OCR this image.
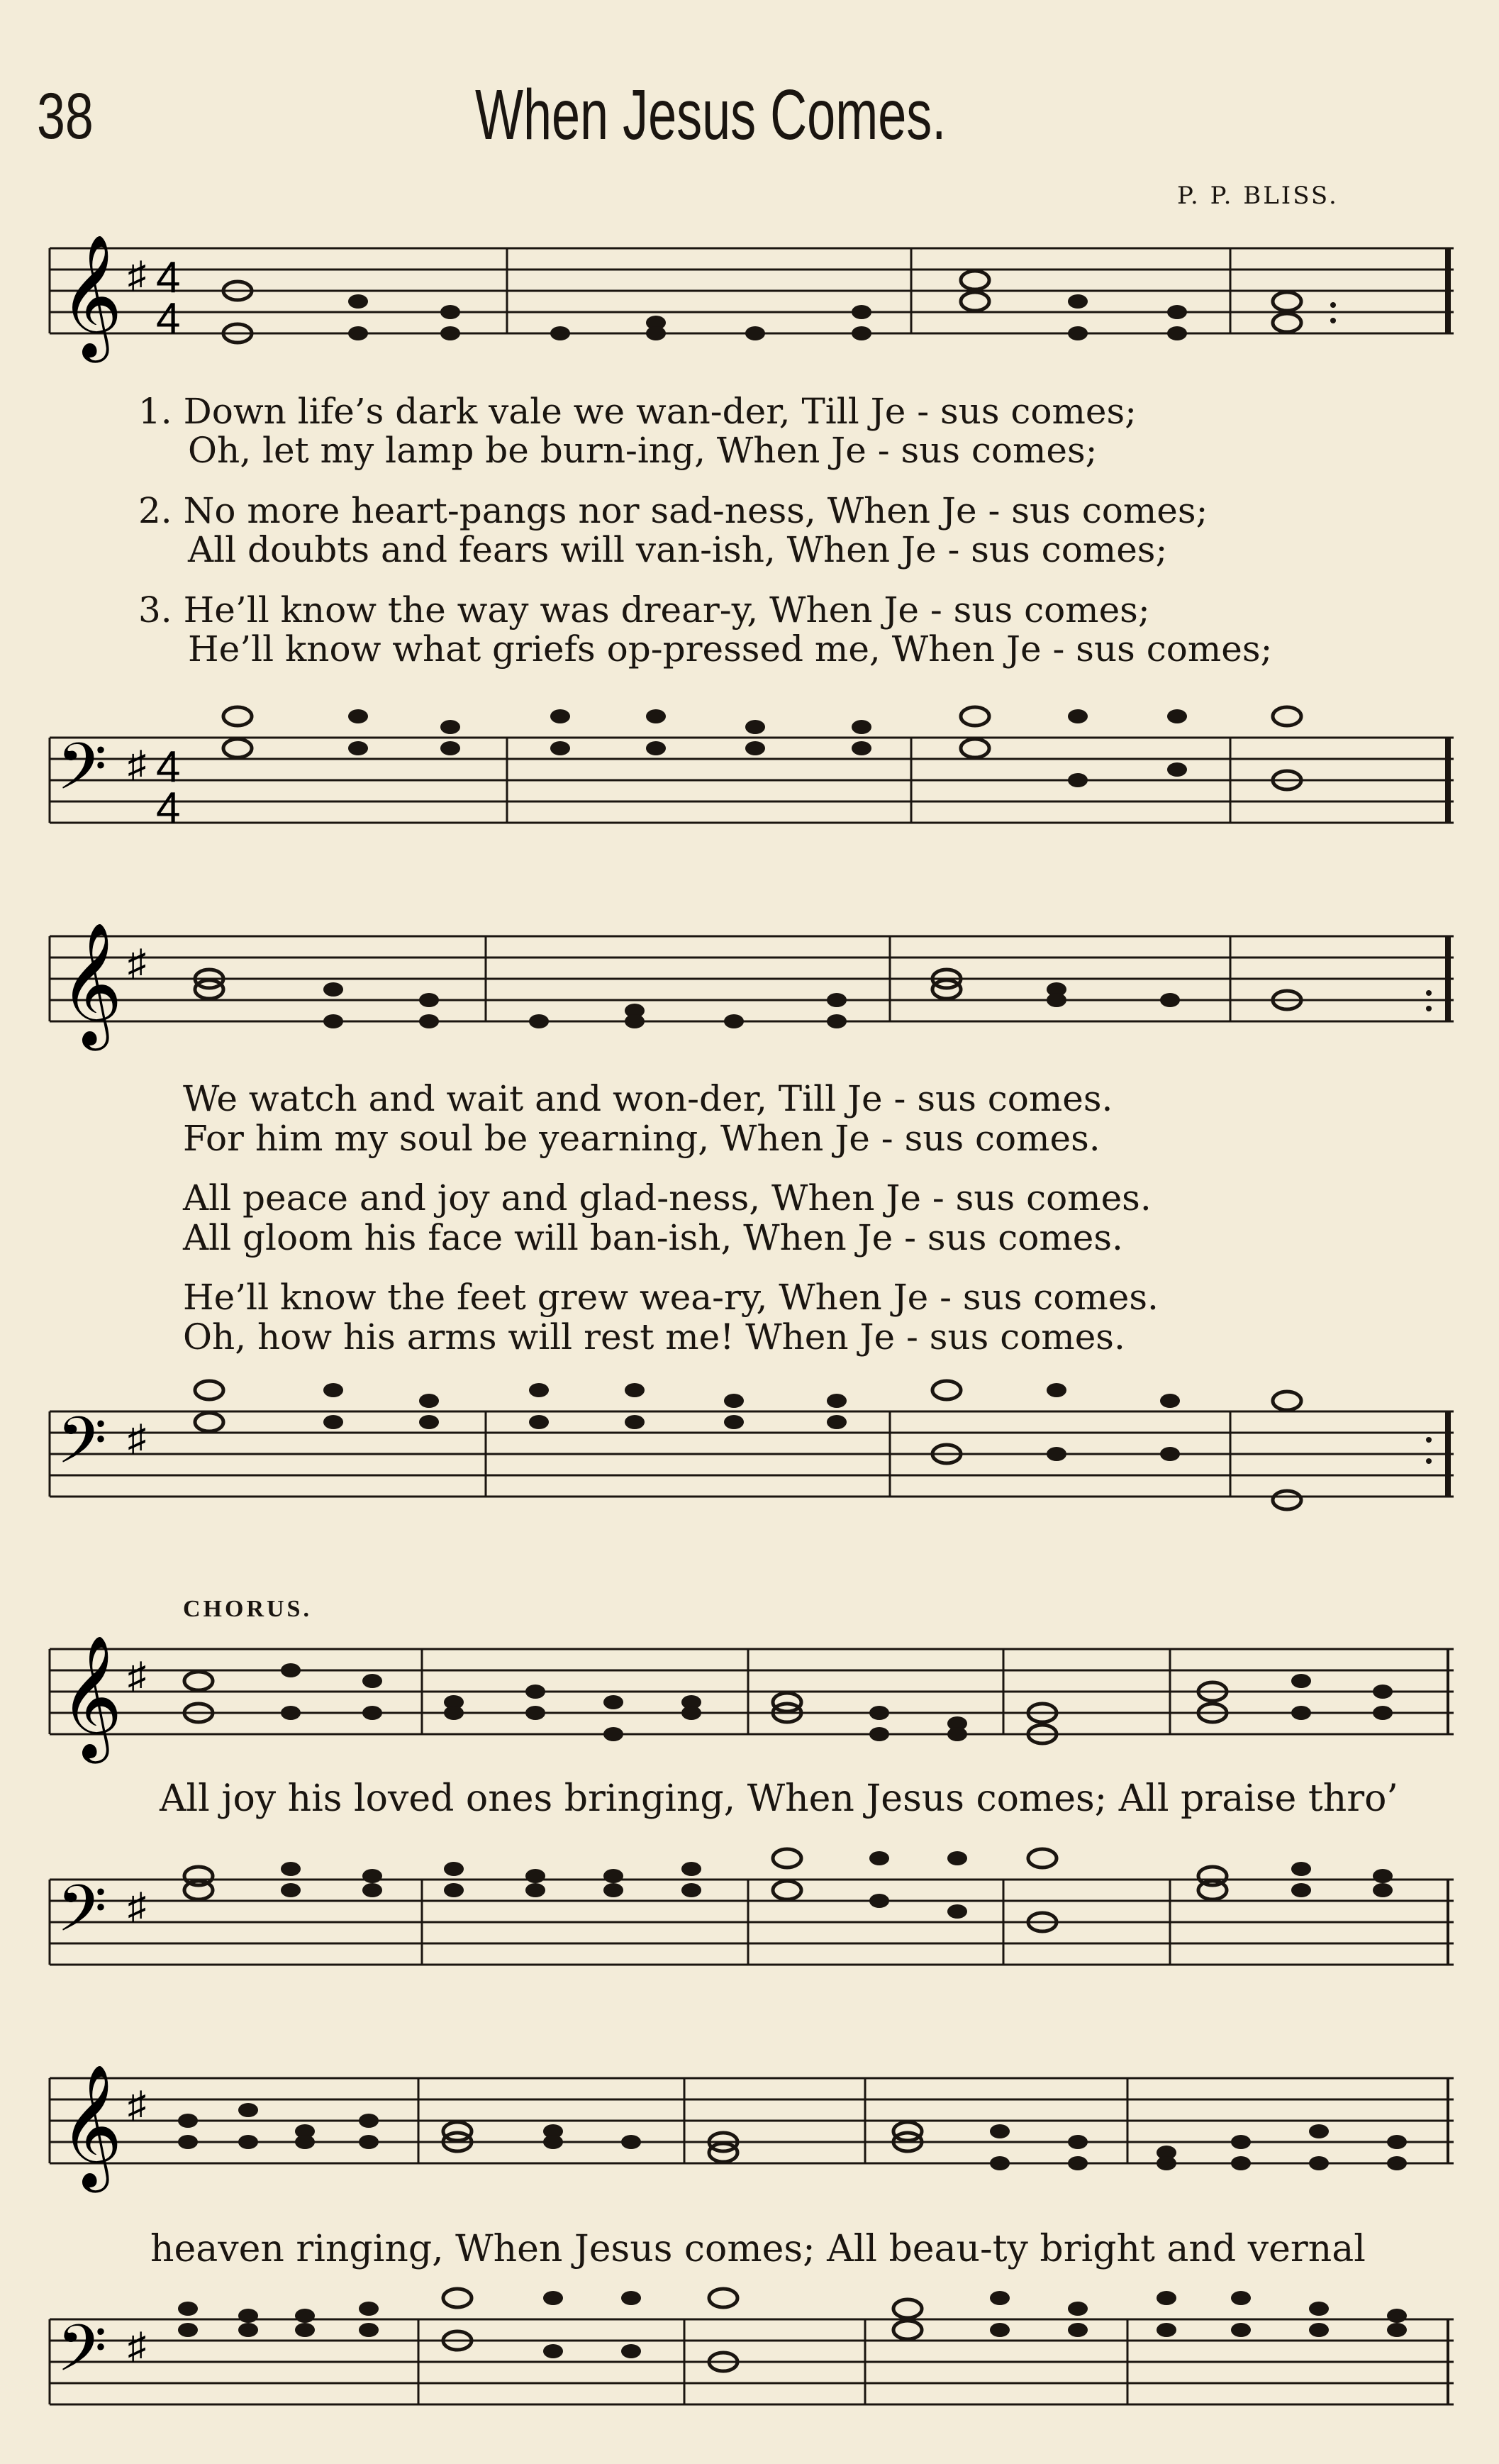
38	When Jesus Comes.
P. P. BLISS.
𝄞 ♯ 4
4
1. Down life’s dark vale we wan-der, Till Je - sus comes;
Oh, let my lamp be burn-ing, When Je - sus comes;
2. No more heart-pangs nor sad-ness, When Je - sus comes;
All doubts and fears will van-ish, When Je - sus comes;
3. He’ll know the way was drear-y, When Je - sus comes;
He’ll know what griefs op-pressed me, When Je - sus comes;
𝄢 ♯ 4
4
𝄞 ♯
We watch and wait and won-der, Till Je - sus comes.
For him my soul be yearning, When Je - sus comes.
All peace and joy and glad-ness, When Je - sus comes.
All gloom his face will ban-ish, When Je - sus comes.
He’ll know the feet grew wea-ry, When Je - sus comes.
Oh, how his arms will rest me! When Je - sus comes.
𝄢 ♯
CHORUS.
𝄞 ♯
All joy his loved ones bringing, When Jesus comes; All praise thro’
𝄢 ♯
𝄞 ♯
heaven ringing, When Jesus comes; All beau-ty bright and vernal
𝄢 ♯
